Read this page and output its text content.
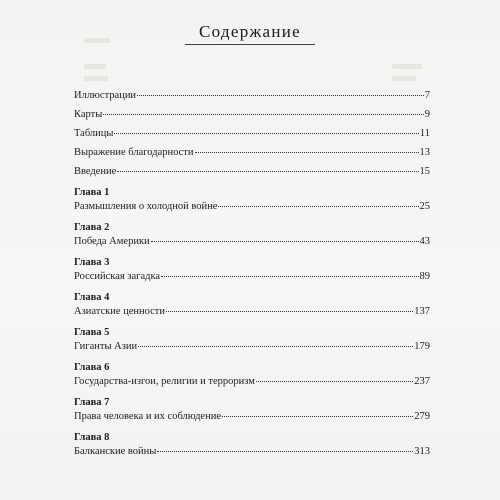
Содержание
Иллюстрации	7
Карты	9
Таблицы	11
Выражение благодарности	13
Введение	15
Глава 1
Размышления о холодной войне	25
Глава 2
Победа Америки	43
Глава 3
Российская загадка	89
Глава 4
Азиатские ценности	137
Глава 5
Гиганты Азии	179
Глава 6
Государства-изгои, религии и терроризм	237
Глава 7
Права человека и их соблюдение	279
Глава 8
Балканские войны	313
